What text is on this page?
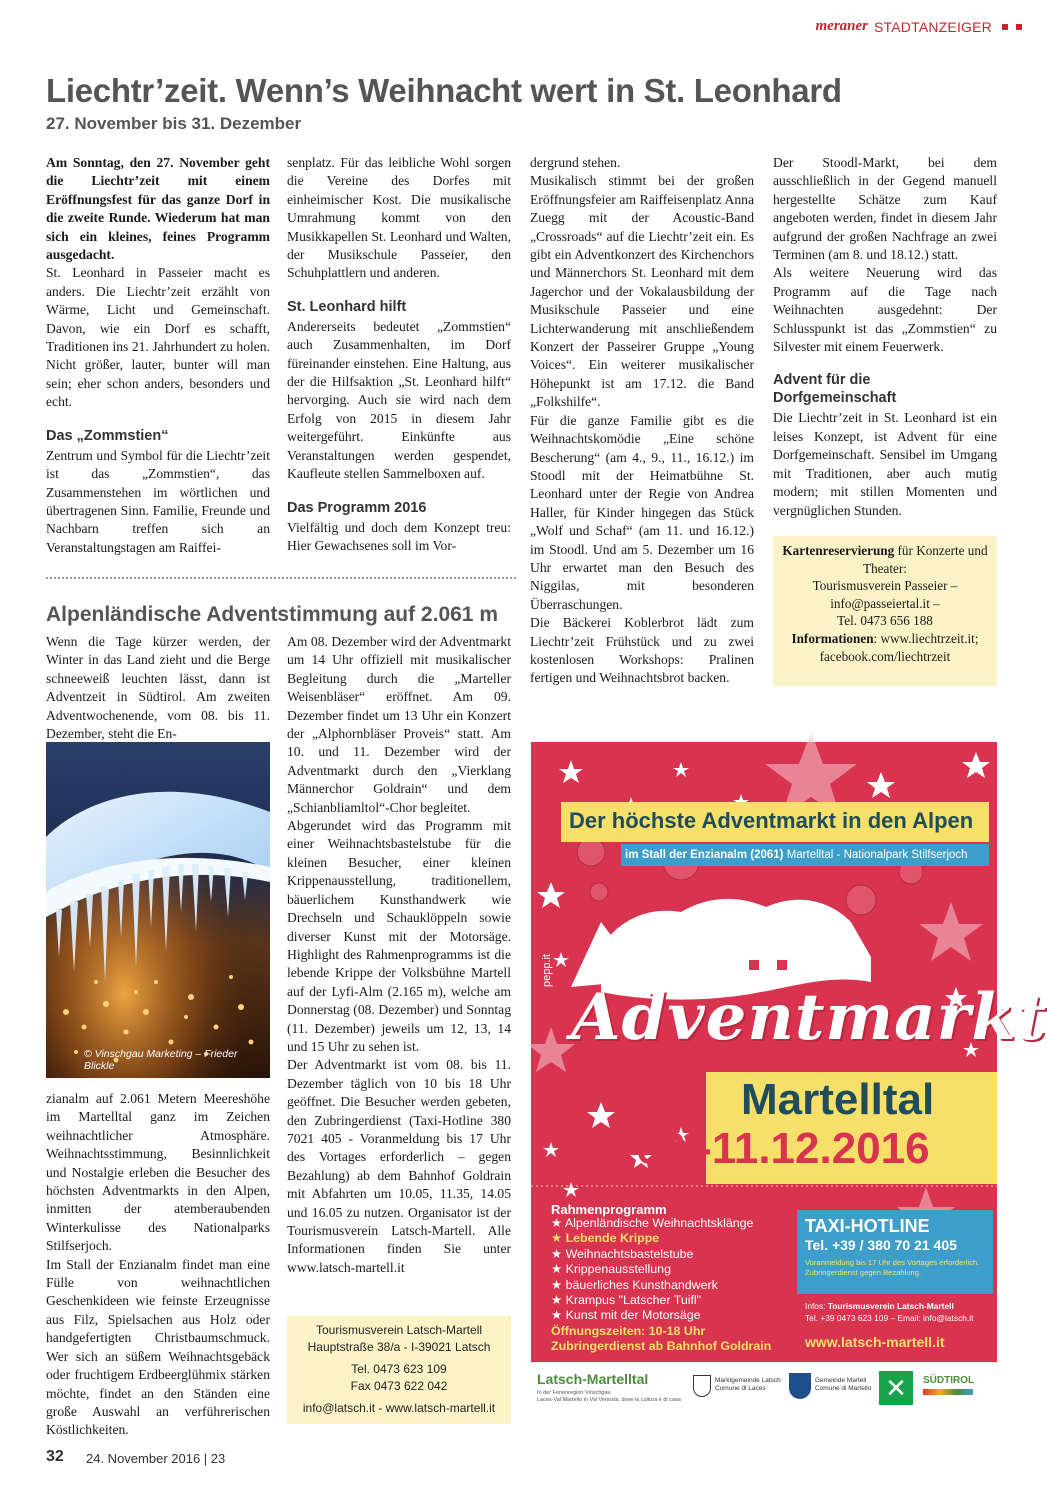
meraner STADTANZEIGER
Liechtr’zeit. Wenn’s Weihnacht wert in St. Leonhard
27. November bis 31. Dezember

Am Sonntag, den 27. November geht die Liechtr’zeit mit einem Eröffnungsfest für das ganze Dorf in die zweite Runde. Wiederum hat man sich ein kleines, feines Programm ausgedacht.

St. Leonhard in Passeier macht es anders. Die Liechtr’zeit erzählt von Wärme, Licht und Gemeinschaft. Davon, wie ein Dorf es schafft, Traditionen ins 21. Jahrhundert zu holen. Nicht größer, lauter, bunter will man sein; eher schon anders, besonders und echt.

Das „Zommstien“

Zentrum und Symbol für die Liechtr’zeit ist das „Zommstien“, das Zusammenstehen im wörtlichen und übertragenen Sinn. Familie, Freunde und Nachbarn treffen sich an Veranstaltungstagen am Raiffei-

senplatz. Für das leibliche Wohl sorgen die Vereine des Dorfes mit einheimischer Kost. Die musikalische Umrahmung kommt von den Musikkapellen St. Leonhard und Walten, der Musikschule Passeier, den Schuhplattlern und anderen.

St. Leonhard hilft

Andererseits bedeutet „Zommstien“ auch Zusammenhalten, im Dorf füreinander einstehen. Eine Haltung, aus der die Hilfsaktion „St. Leonhard hilft“ hervorging. Auch sie wird nach dem Erfolg von 2015 in diesem Jahr weitergeführt. Einkünfte aus Veranstaltungen werden gespendet, Kaufleute stellen Sammelboxen auf.

Das Programm 2016

Vielfältig und doch dem Konzept treu: Hier Gewachsenes soll im Vor-

dergrund stehen.

Musikalisch stimmt bei der großen Eröffnungsfeier am Raiffeisenplatz Anna Zuegg mit der Acoustic-Band „Crossroads“ auf die Liechtr’zeit ein. Es gibt ein Adventkonzert des Kirchenchors und Männerchors St. Leonhard mit dem Jagerchor und der Vokalausbildung der Musikschule Passeier und eine Lichterwanderung mit anschließendem Konzert der Passeirer Gruppe „Young Voices“. Ein weiterer musikalischer Höhepunkt ist am 17.12. die Band „Folkshilfe“.

Für die ganze Familie gibt es die Weihnachtskomödie „Eine schöne Bescherung“ (am 4., 9., 11., 16.12.) im Stoodl mit der Heimatbühne St. Leonhard unter der Regie von Andrea Haller, für Kinder hingegen das Stück „Wolf und Schaf“ (am 11. und 16.12.) im Stoodl. Und am 5. Dezember um 16 Uhr erwartet man den Besuch des Niggilas, mit besonderen Überraschungen.

Die Bäckerei Koblerbrot lädt zum Liechtr’zeit Frühstück und zu zwei kostenlosen Workshops: Pralinen fertigen und Weihnachtsbrot backen.

Der Stoodl-Markt, bei dem ausschließlich in der Gegend manuell hergestellte Schätze zum Kauf angeboten werden, findet in diesem Jahr aufgrund der großen Nachfrage an zwei Terminen (am 8. und 18.12.) statt.

Als weitere Neuerung wird das Programm auf die Tage nach Weihnachten ausgedehnt: Der Schlusspunkt ist das „Zommstien“ zu Silvester mit einem Feuerwerk.

Advent für die Dorfgemeinschaft

Die Liechtr’zeit in St. Leonhard ist ein leises Konzept, ist Advent für eine Dorfgemeinschaft. Sensibel im Umgang mit Traditionen, aber auch mutig modern; mit stillen Momenten und vergnüglichen Stunden.

Kartenreservierung für Konzerte und Theater:
Tourismusverein Passeier –
info@passeiertal.it –
Tel. 0473 656 188
Informationen: www.liechtrzeit.it; facebook.com/liechtrzeit
Alpenländische Adventstimmung auf 2.061 m

Wenn die Tage kürzer werden, der Winter in das Land zieht und die Berge schneeweiß leuchten lässt, dann ist Adventzeit in Südtirol. Am zweiten Adventwochenende, vom 08. bis 11. Dezember, steht die En-

© Vinschgau Marketing – Frieder Blickle

zianalm auf 2.061 Metern Meereshöhe im Martelltal ganz im Zeichen weihnachtlicher Atmosphäre. Weihnachtsstimmung, Besinnlichkeit und Nostalgie erleben die Besucher des höchsten Adventmarkts in den Alpen, inmitten der atemberaubenden Winterkulisse des Nationalparks Stilfserjoch.

Im Stall der Enzianalm findet man eine Fülle von weihnachtlichen Geschenkideen wie feinste Erzeugnisse aus Filz, Spielsachen aus Holz oder handgefertigten Christbaumschmuck. Wer sich an süßem Weihnachtsgebäck oder fruchtigem Erdbeerglühmix stärken möchte, findet an den Ständen eine große Auswahl an verführerischen Köstlichkeiten.

Am 08. Dezember wird der Adventmarkt um 14 Uhr offiziell mit musikalischer Begleitung durch die „Marteller Weisenbläser“ eröffnet. Am 09. Dezember findet um 13 Uhr ein Konzert der „Alphornbläser Proveis“ statt. Am 10. und 11. Dezember wird der Adventmarkt durch den „Vierklang Männerchor Goldrain“ und dem „Schianbliamltol“-Chor begleitet.

Abgerundet wird das Programm mit einer Weihnachtsbastelstube für die kleinen Besucher, einer kleinen Krippenausstellung, traditionellem, bäuerlichem Kunsthandwerk wie Drechseln und Schauklöppeln sowie diverser Kunst mit der Motorsäge. Highlight des Rahmenprogramms ist die lebende Krippe der Volksbühne Martell auf der Lyfi-Alm (2.165 m), welche am Donnerstag (08. Dezember) und Sonntag (11. Dezember) jeweils um 12, 13, 14 und 15 Uhr zu sehen ist.

Der Adventmarkt ist vom 08. bis 11. Dezember täglich von 10 bis 18 Uhr geöffnet. Die Besucher werden gebeten, den Zubringerdienst (Taxi-Hotline 380 7021 405 - Voranmeldung bis 17 Uhr des Vortages erforderlich – gegen Bezahlung) ab dem Bahnhof Goldrain mit Abfahrten um 10.05, 11.35, 14.05 und 16.05 zu nutzen. Organisator ist der Tourismusverein Latsch-Martell. Alle Informationen finden Sie unter www.latsch-martell.it

Tourismusverein Latsch-Martell
Hauptstraße 38/a - I-39021 Latsch
Tel. 0473 623 109
Fax 0473 622 042
info@latsch.it - www.latsch-martell.it
Der höchste Adventmarkt in den Alpen
im Stall der Enzianalm (2061) Martelltal - Nationalpark Stilfserjoch
pepp.it
Adventmarkt
Martelltal
08.-11.12.2016
Rahmenprogramm
★ Alpenländische Weihnachtsklänge
★ Lebende Krippe
★ Weihnachtsbastelstube
★ Krippenausstellung
★ bäuerliches Kunsthandwerk
★ Krampus "Latscher Tuifl"
★ Kunst mit der Motorsäge
Öffnungszeiten: 10-18 Uhr
Zubringerdienst ab Bahnhof Goldrain
TAXI-HOTLINE
Tel. +39 / 380 70 21 405
Voranmeldung bis 17 Uhr des Vortages erforderlich.
Zubringerdienst gegen Bezahlung.
Infos: Tourismusverein Latsch-Martell
Tel. +39 0473 623 109 – Email: info@latsch.it
www.latsch-martell.it
Latsch-Martelltal
In der Ferienregion Vinschgau
Laces-Val Martello in Val Venosta, dove la cultura è di casa
Marktgemeinde Latsch
Comune di Laces
Gemeinde Martell
Comune di Martello ✕	SÜDTIROL
32 24. November 2016 | 23
